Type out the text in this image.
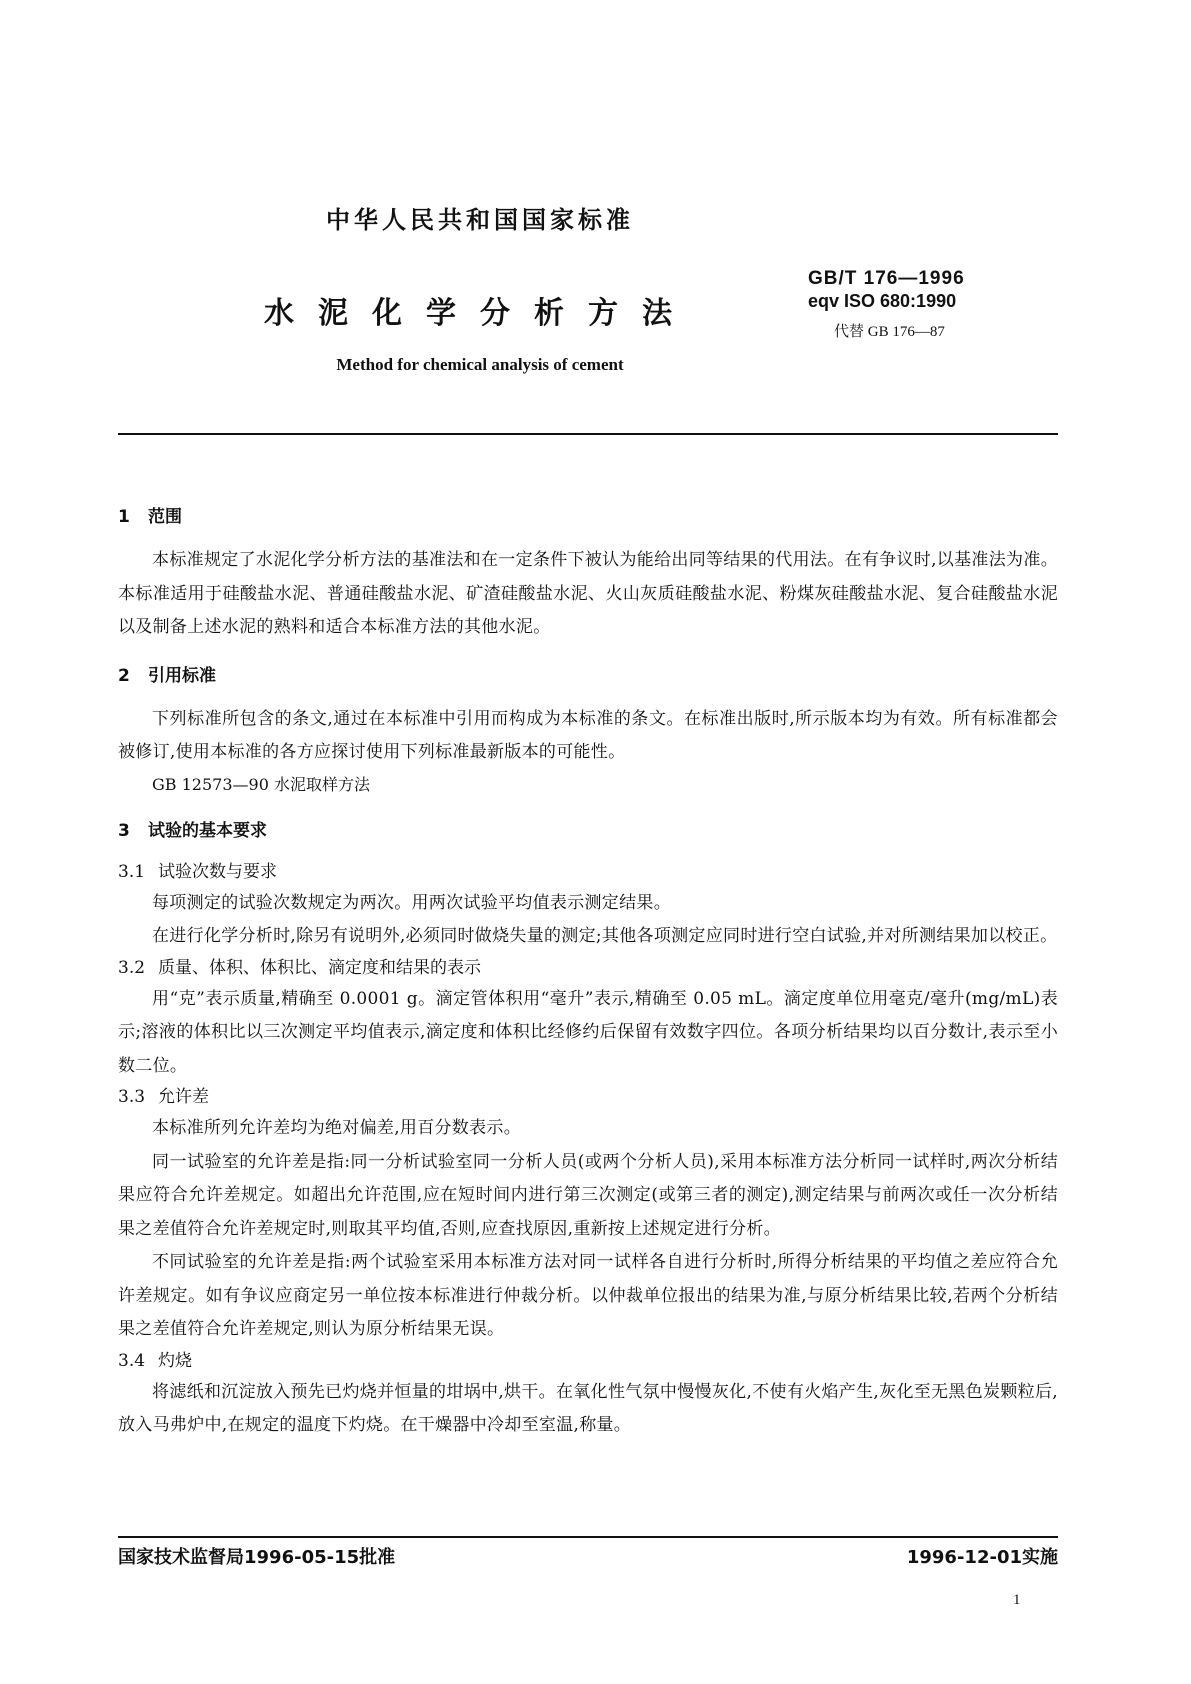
中华人民共和国国家标准
水泥化学分析方法
Method for chemical analysis of cement
GB/T 176—1996
eqv ISO 680:1990
代替 GB 176—87

1 范围

本标准规定了水泥化学分析方法的基准法和在一定条件下被认为能给出同等结果的代用法。在有争议时,以基准法为准。本标准适用于硅酸盐水泥、普通硅酸盐水泥、矿渣硅酸盐水泥、火山灰质硅酸盐水泥、粉煤灰硅酸盐水泥、复合硅酸盐水泥以及制备上述水泥的熟料和适合本标准方法的其他水泥。

2 引用标准

下列标准所包含的条文,通过在本标准中引用而构成为本标准的条文。在标准出版时,所示版本均为有效。所有标准都会被修订,使用本标准的各方应探讨使用下列标准最新版本的可能性。

GB 12573—90 水泥取样方法

3 试验的基本要求

3.1 试验次数与要求

每项测定的试验次数规定为两次。用两次试验平均值表示测定结果。

在进行化学分析时,除另有说明外,必须同时做烧失量的测定;其他各项测定应同时进行空白试验,并对所测结果加以校正。

3.2 质量、体积、体积比、滴定度和结果的表示

用“克”表示质量,精确至 0.0001 g。滴定管体积用“毫升”表示,精确至 0.05 mL。滴定度单位用毫克/毫升(mg/mL)表示;溶液的体积比以三次测定平均值表示,滴定度和体积比经修约后保留有效数字四位。各项分析结果均以百分数计,表示至小数二位。

3.3 允许差

本标准所列允许差均为绝对偏差,用百分数表示。

同一试验室的允许差是指:同一分析试验室同一分析人员(或两个分析人员),采用本标准方法分析同一试样时,两次分析结果应符合允许差规定。如超出允许范围,应在短时间内进行第三次测定(或第三者的测定),测定结果与前两次或任一次分析结果之差值符合允许差规定时,则取其平均值,否则,应查找原因,重新按上述规定进行分析。

不同试验室的允许差是指:两个试验室采用本标准方法对同一试样各自进行分析时,所得分析结果的平均值之差应符合允许差规定。如有争议应商定另一单位按本标准进行仲裁分析。以仲裁单位报出的结果为准,与原分析结果比较,若两个分析结果之差值符合允许差规定,则认为原分析结果无误。

3.4 灼烧

将滤纸和沉淀放入预先已灼烧并恒量的坩埚中,烘干。在氧化性气氛中慢慢灰化,不使有火焰产生,灰化至无黑色炭颗粒后,放入马弗炉中,在规定的温度下灼烧。在干燥器中冷却至室温,称量。

国家技术监督局1996-05-15批准	1996-12-01实施
1
